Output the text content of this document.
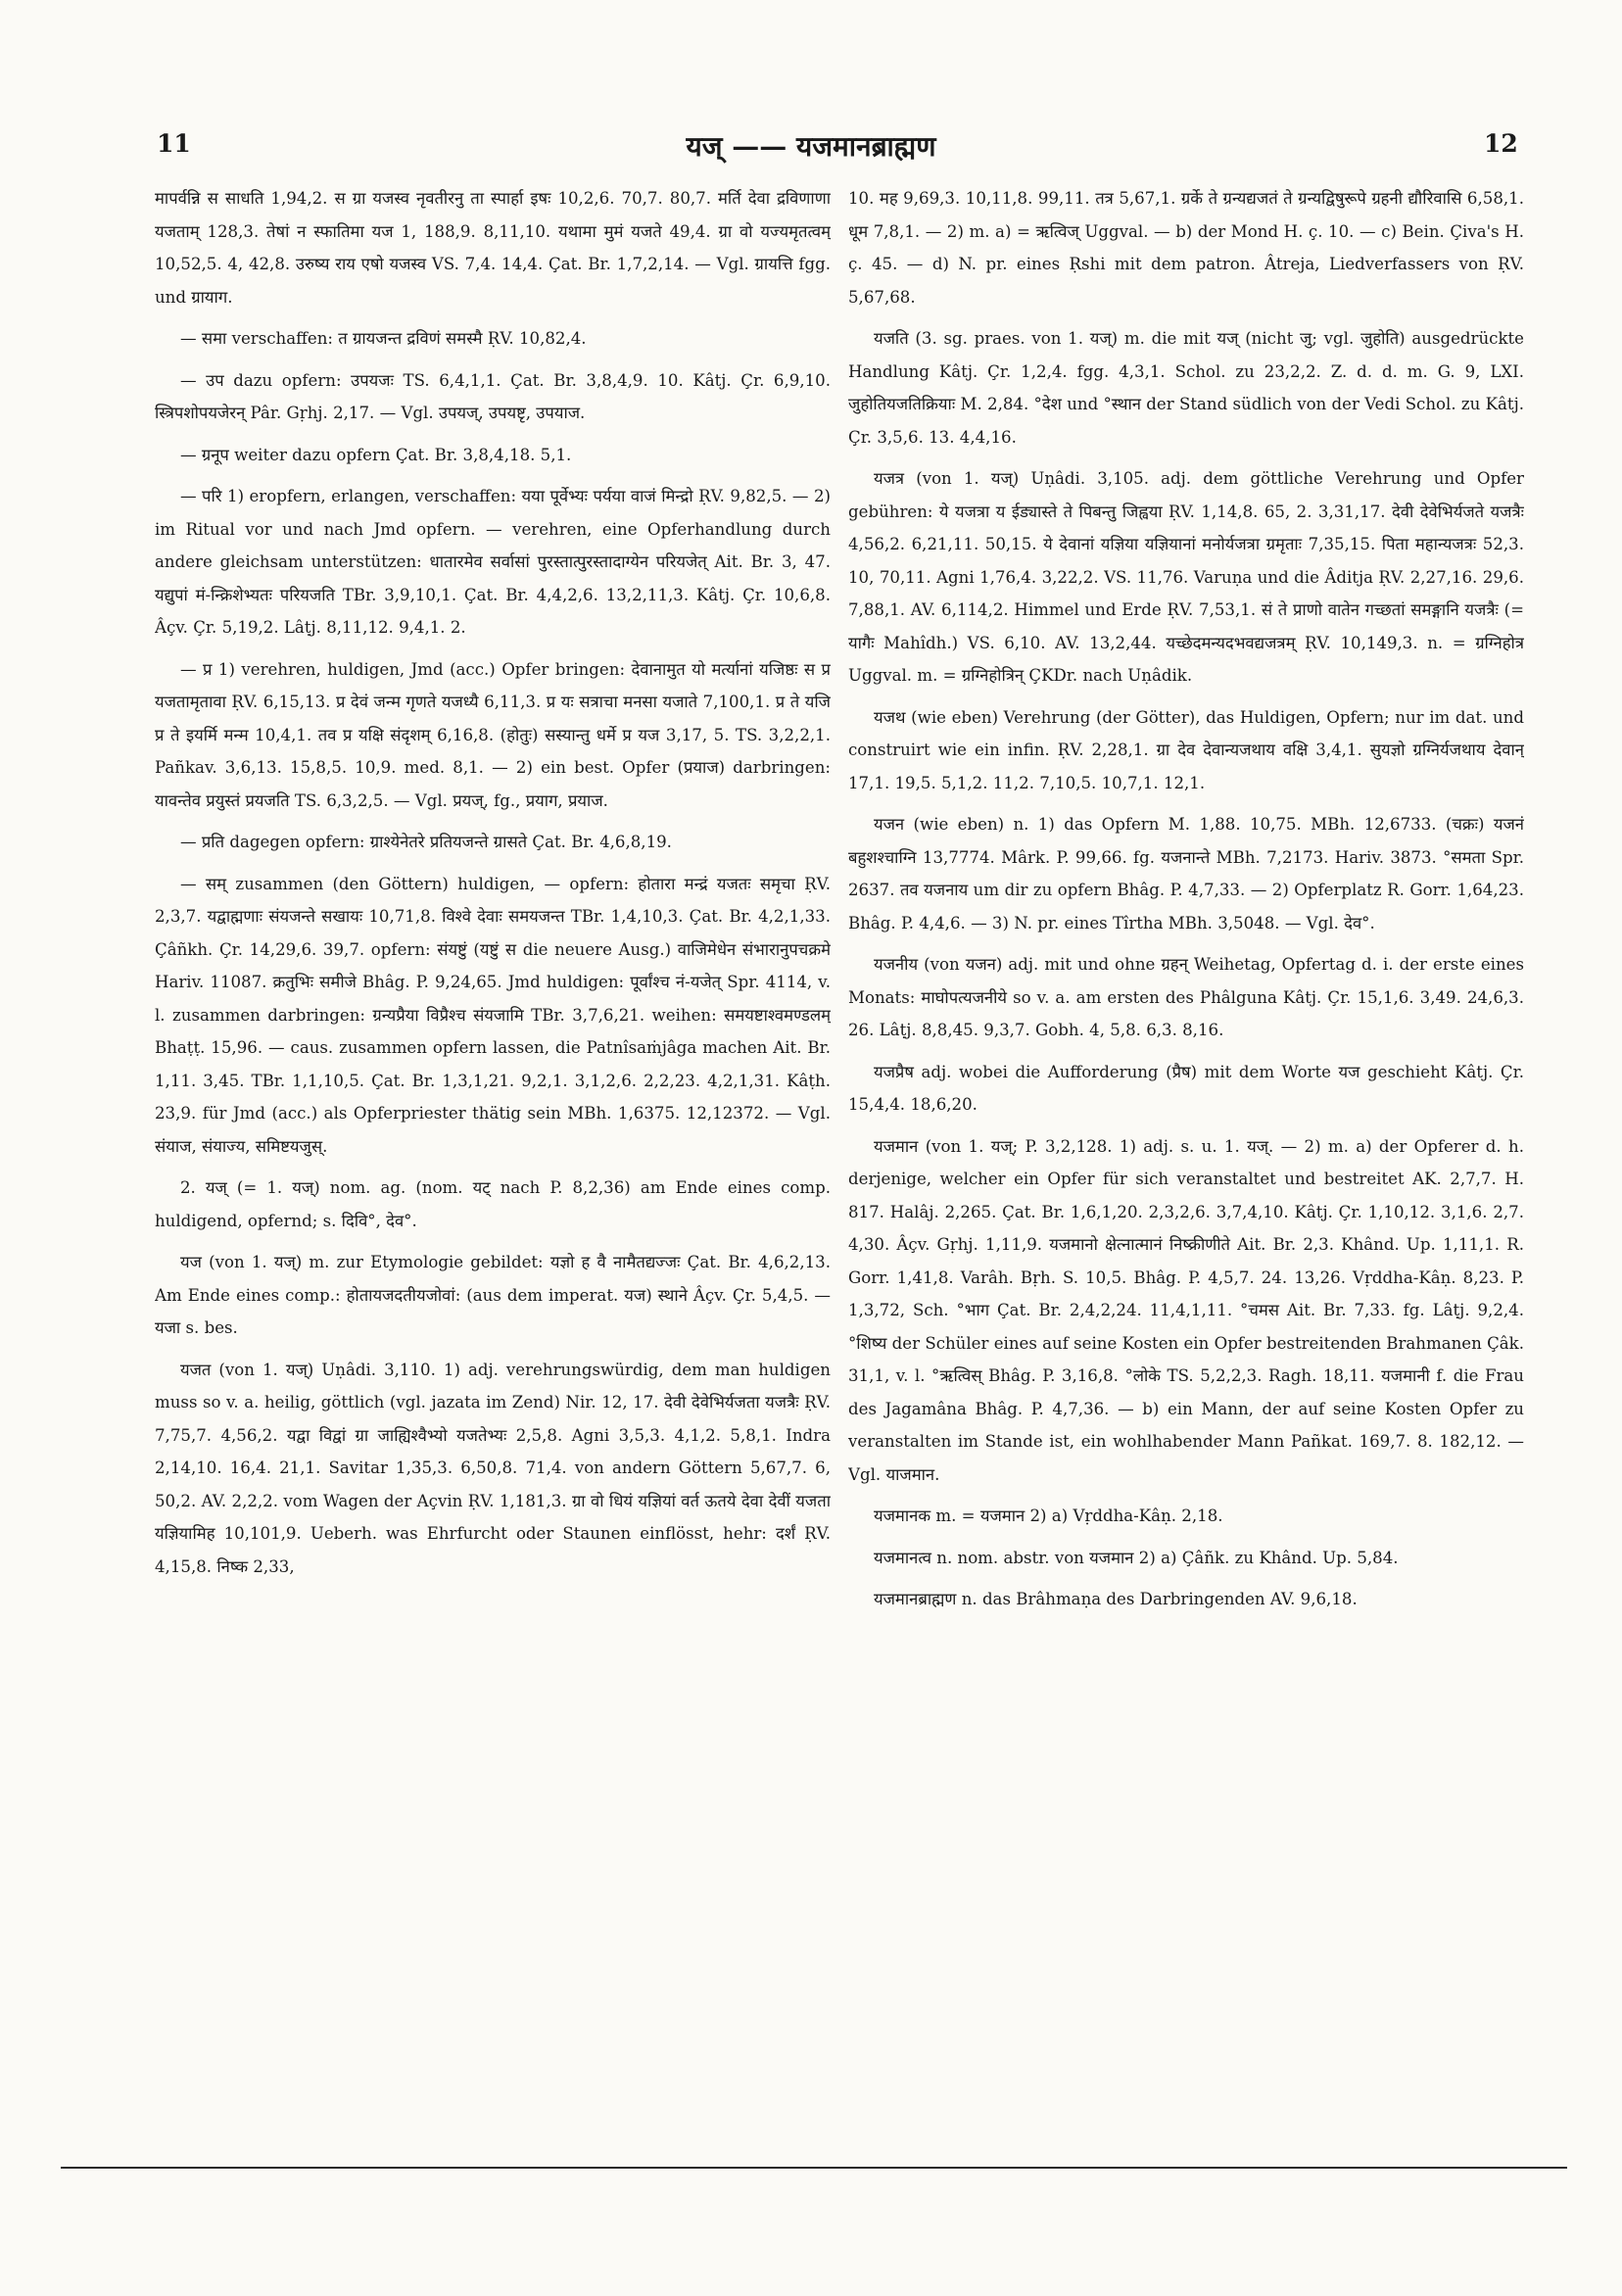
11	यज् —— यजमानब्राह्मण	12

मापर्वन्नि स साधति 1,94,2. स ग्रा यजस्व नृवतीरनु ता स्पार्हा इषः 10,2,6. 70,7. 80,7. मर्ति देवा द्रविणाणा यजताम् 128,3. तेषां न स्फातिमा यज 1, 188,9. 8,11,10. यथामा मुमं यजते 49,4. ग्रा वो यज्यमृतत्वम् 10,52,5. 4, 42,8. उरुष्य राय एषो यजस्व VS. 7,4. 14,4. Çat. Br. 1,7,2,14. — Vgl. ग्रायत्ति fgg. und ग्रायाग.

— समा verschaffen: त ग्रायजन्त द्रविणं समस्मै ṚV. 10,82,4.

— उप dazu opfern: उपयजः TS. 6,4,1,1. Çat. Br. 3,8,4,9. 10. Kâtj. Çr. 6,9,10. स्त्रिपशोपयजेरन् Pâr. Gṛhj. 2,17. — Vgl. उपयज्, उपयष्टृ, उपयाज.

— ग्रनूप weiter dazu opfern Çat. Br. 3,8,4,18. 5,1.

— परि 1) eropfern, erlangen, verschaffen: यया पूर्वेभ्यः पर्यया वाजं मिन्द्रो ṚV. 9,82,5. — 2) im Ritual vor und nach Jmd opfern. — verehren, eine Opferhandlung durch andere gleichsam unterstützen: धातारमेव सर्वासां पुरस्तात्पुरस्तादाग्येन परियजेत् Ait. Br. 3, 47. यद्युपां मं-न्क्रिशेभ्यतः परियजति TBr. 3,9,10,1. Çat. Br. 4,4,2,6. 13,2,11,3. Kâtj. Çr. 10,6,8. Âçv. Çr. 5,19,2. Lâṭj. 8,11,12. 9,4,1. 2.

— प्र 1) verehren, huldigen, Jmd (acc.) Opfer bringen: देवानामुत यो मर्त्यानां यजिष्ठः स प्र यजतामृतावा ṚV. 6,15,13. प्र देवं जन्म गृणते यजध्यै 6,11,3. प्र यः सत्राचा मनसा यजाते 7,100,1. प्र ते यजि प्र ते इयर्मि मन्म 10,4,1. तव प्र यक्षि संदृशम् 6,16,8. (होतुः) सस्यान्तु धर्मे प्र यज 3,17, 5. TS. 3,2,2,1. Pañkav. 3,6,13. 15,8,5. 10,9. med. 8,1. — 2) ein best. Opfer (प्रयाज) darbringen: यावन्तेव प्रयुस्तं प्रयजति TS. 6,3,2,5. — Vgl. प्रयज्, fg., प्रयाग, प्रयाज.

— प्रति dagegen opfern: ग्राश्येनेतरे प्रतियजन्ते ग्रासते Çat. Br. 4,6,8,19.

— सम् zusammen (den Göttern) huldigen, — opfern: होतारा मन्द्रं यजतः समृचा ṚV. 2,3,7. यद्वाह्मणाः संयजन्ते सखायः 10,71,8. विश्वे देवाः समयजन्त TBr. 1,4,10,3. Çat. Br. 4,2,1,33. Çâñkh. Çr. 14,29,6. 39,7. opfern: संयष्टुं (यष्टुं स die neuere Ausg.) वाजिमेधेन संभारानुपचक्रमे Hariv. 11087. क्रतुभिः समीजे Bhâg. P. 9,24,65. Jmd huldigen: पूर्वांश्च नं-यजेत् Spr. 4114, v. l. zusammen darbringen: ग्रन्यप्रैया विप्रैश्च संयजामि TBr. 3,7,6,21. weihen: समयष्टाश्वमण्डलम् Bhaṭṭ. 15,96. — caus. zusammen opfern lassen, die Patnîsaṁjâga machen Ait. Br. 1,11. 3,45. TBr. 1,1,10,5. Çat. Br. 1,3,1,21. 9,2,1. 3,1,2,6. 2,2,23. 4,2,1,31. Kâṭh. 23,9. für Jmd (acc.) als Opferpriester thätig sein MBh. 1,6375. 12,12372. — Vgl. संयाज, संयाज्य, समिष्टयजुस्.

2. यज् (= 1. यज्) nom. ag. (nom. यट् nach P. 8,2,36) am Ende eines comp. huldigend, opfernd; s. दिवि°, देव°.

यज (von 1. यज्) m. zur Etymologie gebildet: यज्ञो ह वै नामैतद्यज्जः Çat. Br. 4,6,2,13. Am Ende eines comp.: होतायजदतीयजोवां: (aus dem imperat. यज) स्थाने Âçv. Çr. 5,4,5. — यजा s. bes.

यजत (von 1. यज्) Uṇâdi. 3,110. 1) adj. verehrungswürdig, dem man huldigen muss so v. a. heilig, göttlich (vgl. jazata im Zend) Nir. 12, 17. देवी देवेभिर्यजता यजत्रैः ṚV. 7,75,7. 4,56,2. यद्वा विद्वां ग्रा जाह्यिश्वैभ्यो यजतेभ्यः 2,5,8. Agni 3,5,3. 4,1,2. 5,8,1. Indra 2,14,10. 16,4. 21,1. Savitar 1,35,3. 6,50,8. 71,4. von andern Göttern 5,67,7. 6, 50,2. AV. 2,2,2. vom Wagen der Açvin ṚV. 1,181,3. ग्रा वो धियं यज्ञियां वर्त ऊतये देवा देवीं यजता यज्ञियामिह 10,101,9. Ueberh. was Ehrfurcht oder Staunen einflösst, hehr: दर्शं ṚV. 4,15,8. निष्क 2,33,

10. मह 9,69,3. 10,11,8. 99,11. तत्र 5,67,1. ग्रर्के ते ग्रन्यद्यजतं ते ग्रन्यद्विषुरूपे ग्रहनी द्यौरिवासि 6,58,1. धूम 7,8,1. — 2) m. a) = ऋत्विज् Uggval. — b) der Mond H. ç. 10. — c) Bein. Çiva's H. ç. 45. — d) N. pr. eines Ṛshi mit dem patron. Âtreja, Liedverfassers von ṚV. 5,67,68.

यजति (3. sg. praes. von 1. यज्) m. die mit यज् (nicht जु; vgl. जुहोति) ausgedrückte Handlung Kâtj. Çr. 1,2,4. fgg. 4,3,1. Schol. zu 23,2,2. Z. d. d. m. G. 9, LXI. जुहोतियजतिक्रियाः M. 2,84. °देश und °स्थान der Stand südlich von der Vedi Schol. zu Kâtj. Çr. 3,5,6. 13. 4,4,16.

यजत्र (von 1. यज्) Uṇâdi. 3,105. adj. dem göttliche Verehrung und Opfer gebühren: ये यजत्रा य ईड्यास्ते ते पिबन्तु जिह्वया ṚV. 1,14,8. 65, 2. 3,31,17. देवी देवेभिर्यजते यजत्रैः 4,56,2. 6,21,11. 50,15. ये देवानां यज्ञिया यज्ञियानां मनोर्यजत्रा ग्रमृताः 7,35,15. पिता महान्यजत्रः 52,3. 10, 70,11. Agni 1,76,4. 3,22,2. VS. 11,76. Varuṇa und die Âditja ṚV. 2,27,16. 29,6. 7,88,1. AV. 6,114,2. Himmel und Erde ṚV. 7,53,1. सं ते प्राणो वातेन गच्छतां समङ्गानि यजत्रैः (= यागैः Mahîdh.) VS. 6,10. AV. 13,2,44. यच्छेदमन्यदभवद्यजत्रम् ṚV. 10,149,3. n. = ग्रग्निहोत्र Uggval. m. = ग्रग्निहोत्रिन् ÇKDr. nach Uṇâdik.

यजथ (wie eben) Verehrung (der Götter), das Huldigen, Opfern; nur im dat. und construirt wie ein infin. ṚV. 2,28,1. ग्रा देव देवान्यजथाय वक्षि 3,4,1. सुयज्ञो ग्रग्निर्यजथाय देवान् 17,1. 19,5. 5,1,2. 11,2. 7,10,5. 10,7,1. 12,1.

यजन (wie eben) n. 1) das Opfern M. 1,88. 10,75. MBh. 12,6733. (चक्रः) यजनं बहुशश्चाग्नि 13,7774. Mârk. P. 99,66. fg. यजनान्ते MBh. 7,2173. Hariv. 3873. °समता Spr. 2637. तव यजनाय um dir zu opfern Bhâg. P. 4,7,33. — 2) Opferplatz R. Gorr. 1,64,23. Bhâg. P. 4,4,6. — 3) N. pr. eines Tîrtha MBh. 3,5048. — Vgl. देव°.

यजनीय (von यजन) adj. mit und ohne ग्रहन् Weihetag, Opfertag d. i. der erste eines Monats: माघोपत्यजनीये so v. a. am ersten des Phâlguna Kâtj. Çr. 15,1,6. 3,49. 24,6,3. 26. Lâṭj. 8,8,45. 9,3,7. Gobh. 4, 5,8. 6,3. 8,16.

यजप्रैष adj. wobei die Aufforderung (प्रैष) mit dem Worte यज geschieht Kâtj. Çr. 15,4,4. 18,6,20.

यजमान (von 1. यज्; P. 3,2,128. 1) adj. s. u. 1. यज्. — 2) m. a) der Opferer d. h. derjenige, welcher ein Opfer für sich veranstaltet und bestreitet AK. 2,7,7. H. 817. Halâj. 2,265. Çat. Br. 1,6,1,20. 2,3,2,6. 3,7,4,10. Kâtj. Çr. 1,10,12. 3,1,6. 2,7. 4,30. Âçv. Gṛhj. 1,11,9. यजमानो क्षेत्नात्मानं निष्क्रीणीते Ait. Br. 2,3. Khând. Up. 1,11,1. R. Gorr. 1,41,8. Varâh. Bṛh. S. 10,5. Bhâg. P. 4,5,7. 24. 13,26. Vṛddha-Kâṇ. 8,23. P. 1,3,72, Sch. °भाग Çat. Br. 2,4,2,24. 11,4,1,11. °चमस Ait. Br. 7,33. fg. Lâṭj. 9,2,4. °शिष्य der Schüler eines auf seine Kosten ein Opfer bestreitenden Brahmanen Çâk. 31,1, v. l. °ऋत्विस् Bhâg. P. 3,16,8. °लोके TS. 5,2,2,3. Ragh. 18,11. यजमानी f. die Frau des Jagamâna Bhâg. P. 4,7,36. — b) ein Mann, der auf seine Kosten Opfer zu veranstalten im Stande ist, ein wohlhabender Mann Pañkat. 169,7. 8. 182,12. — Vgl. याजमान.

यजमानक m. = यजमान 2) a) Vṛddha-Kâṇ. 2,18.

यजमानत्व n. nom. abstr. von यजमान 2) a) Çâñk. zu Khând. Up. 5,84.

यजमानब्राह्मण n. das Brâhmaṇa des Darbringenden AV. 9,6,18.
